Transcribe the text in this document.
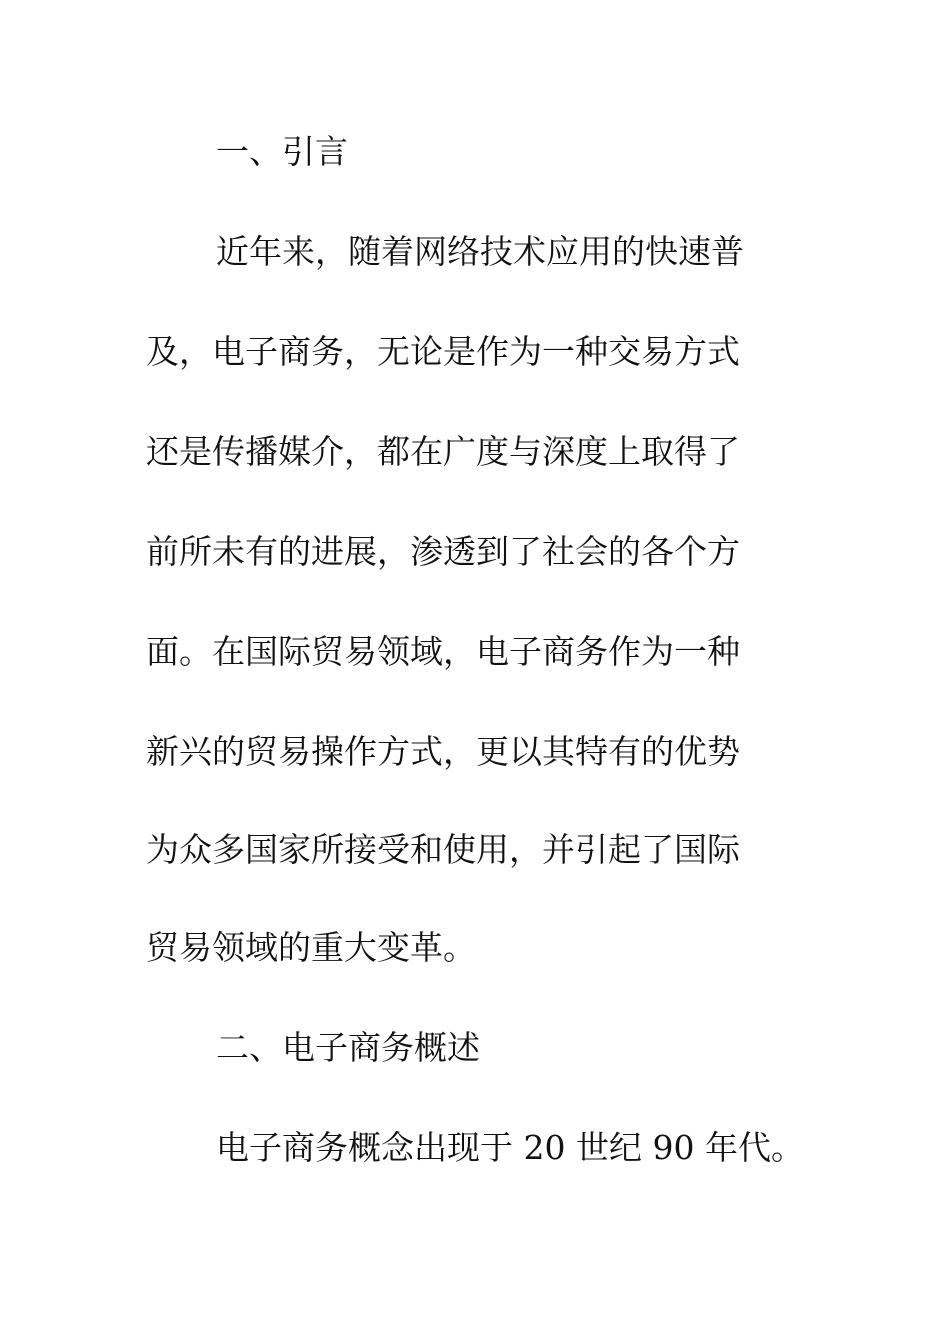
一、引言
近年来，随着网络技术应用的快速普
及，电子商务，无论是作为一种交易方式
还是传播媒介，都在广度与深度上取得了
前所未有的进展，渗透到了社会的各个方
面。在国际贸易领域，电子商务作为一种
新兴的贸易操作方式，更以其特有的优势
为众多国家所接受和使用，并引起了国际
贸易领域的重大变革。
二、电子商务概述
电子商务概念出现于 20 世纪 90 年代。
